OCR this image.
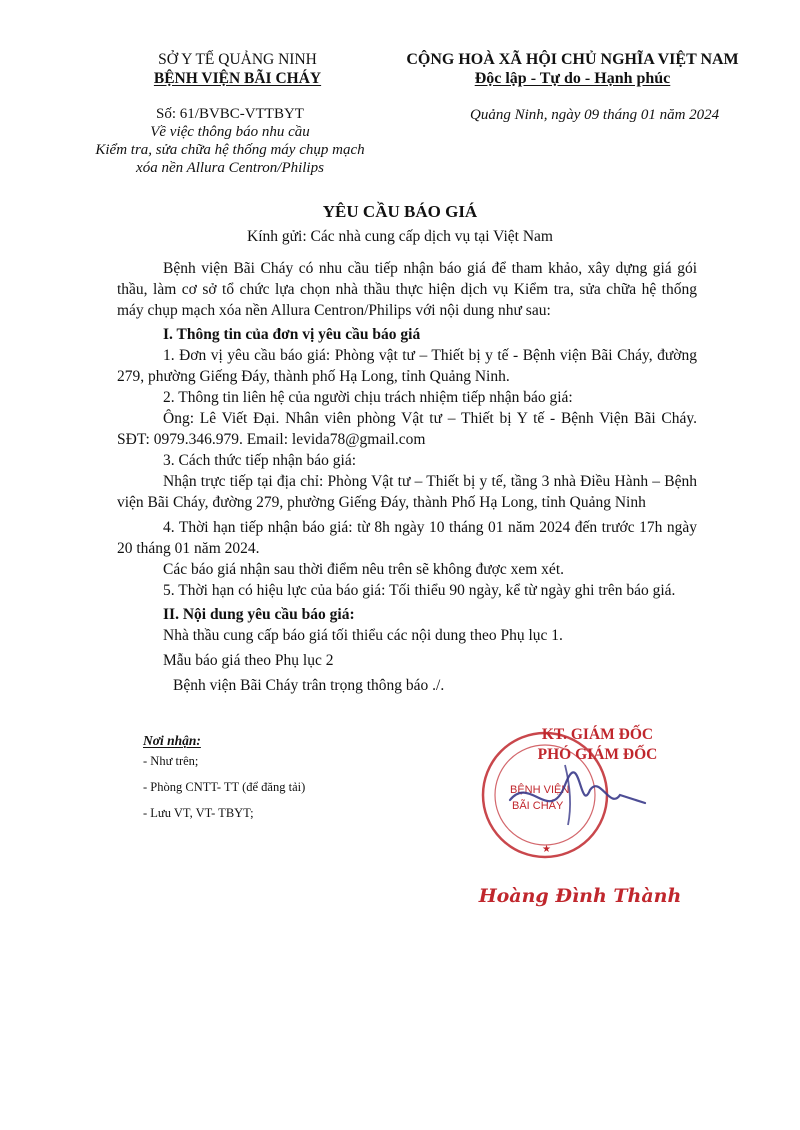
SỞ Y TẾ QUẢNG NINH
BỆNH VIỆN BÃI CHÁY
CỘNG HOÀ XÃ HỘI CHỦ NGHĨA VIỆT NAM
Độc lập - Tự do - Hạnh phúc
Số: 61/BVBC-VTTBYT
Về việc thông báo nhu cầu
Kiểm tra, sửa chữa hệ thống máy chụp mạch
xóa nền Allura Centron/Philips
Quảng Ninh, ngày 09 tháng 01 năm 2024
YÊU CẦU BÁO GIÁ
Kính gửi: Các nhà cung cấp dịch vụ tại Việt Nam

Bệnh viện Bãi Cháy có nhu cầu tiếp nhận báo giá để tham khảo, xây dựng giá gói thầu, làm cơ sở tổ chức lựa chọn nhà thầu thực hiện dịch vụ Kiểm tra, sửa chữa hệ thống máy chụp mạch xóa nền Allura Centron/Philips với nội dung như sau:

I. Thông tin của đơn vị yêu cầu báo giá

1. Đơn vị yêu cầu báo giá: Phòng vật tư – Thiết bị y tế - Bệnh viện Bãi Cháy, đường 279, phường Giếng Đáy, thành phố Hạ Long, tỉnh Quảng Ninh.

2. Thông tin liên hệ của người chịu trách nhiệm tiếp nhận báo giá:

Ông: Lê Viết Đại. Nhân viên phòng Vật tư – Thiết bị Y tế - Bệnh Viện Bãi Cháy. SĐT: 0979.346.979. Email: levida78@gmail.com

3. Cách thức tiếp nhận báo giá:

Nhận trực tiếp tại địa chỉ: Phòng Vật tư – Thiết bị y tế, tầng 3 nhà Điều Hành – Bệnh viện Bãi Cháy, đường 279, phường Giếng Đáy, thành Phố Hạ Long, tỉnh Quảng Ninh

4. Thời hạn tiếp nhận báo giá: từ 8h ngày 10 tháng 01 năm 2024 đến trước 17h ngày 20 tháng 01 năm 2024.

Các báo giá nhận sau thời điểm nêu trên sẽ không được xem xét.

5. Thời hạn có hiệu lực của báo giá: Tối thiểu 90 ngày, kể từ ngày ghi trên báo giá.

II. Nội dung yêu cầu báo giá:

Nhà thầu cung cấp báo giá tối thiểu các nội dung theo Phụ lục 1.

Mẫu báo giá theo Phụ lục 2

Bệnh viện Bãi Cháy trân trọng thông báo ./.

Nơi nhận:
- Như trên;
- Phòng CNTT- TT (để đăng tải)
- Lưu VT, VT- TBYT;
BỆNH VIỆN
BÃI CHÁY
★
KT. GIÁM ĐỐC
PHÓ GIÁM ĐỐC
Hoàng Đình Thành
